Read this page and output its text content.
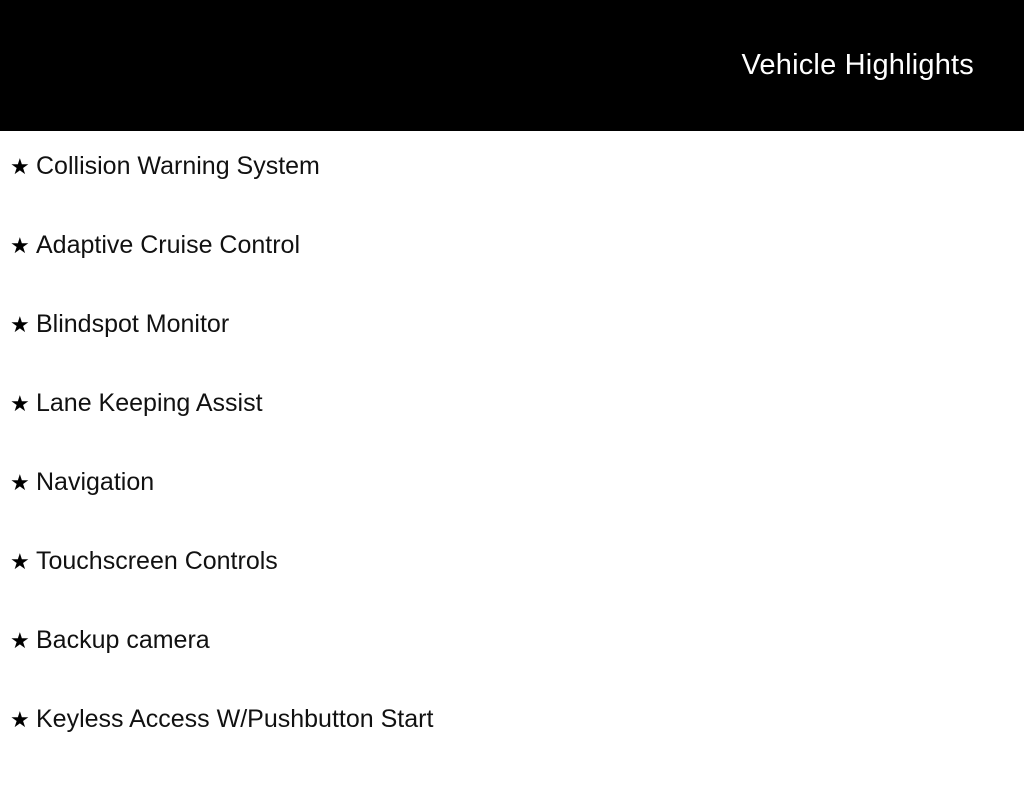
Vehicle Highlights
★ Collision Warning System
★ Adaptive Cruise Control
★ Blindspot Monitor
★ Lane Keeping Assist
★ Navigation
★ Touchscreen Controls
★ Backup camera
★ Keyless Access W/Pushbutton Start
